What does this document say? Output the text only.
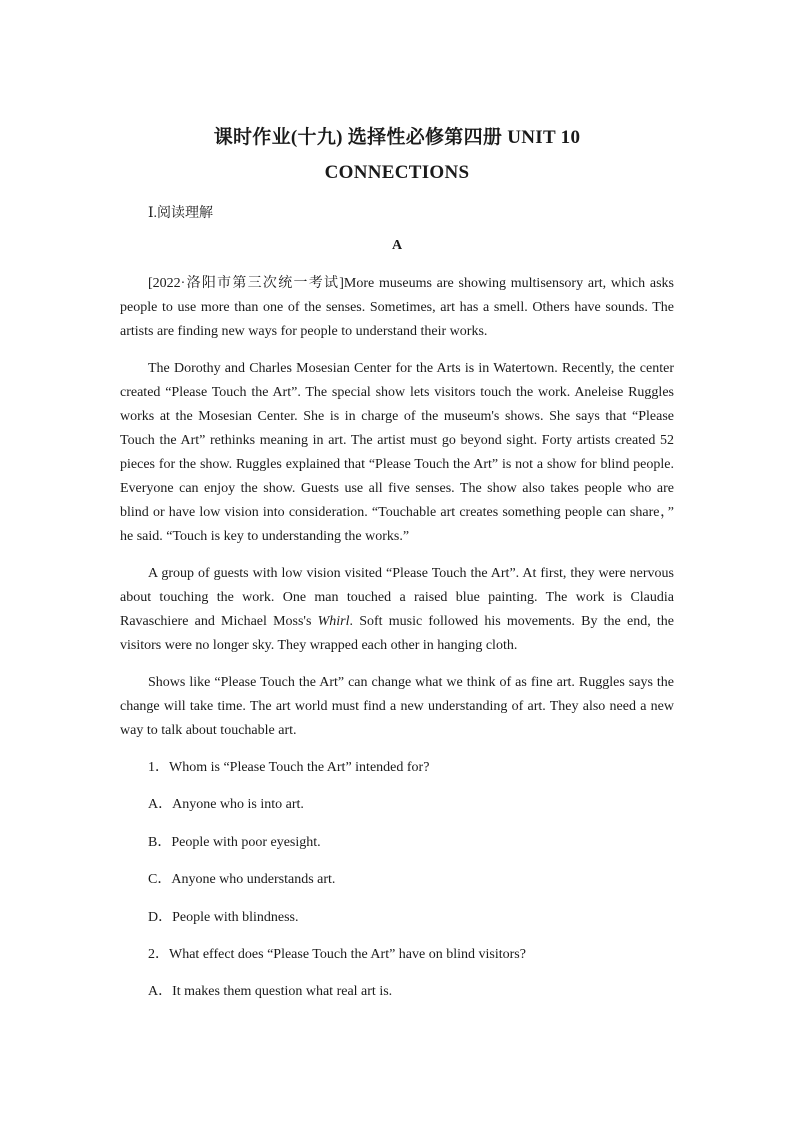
课时作业(十九) 选择性必修第四册 UNIT 10
CONNECTIONS
Ⅰ.阅读理解
A

[2022·洛阳市第三次统一考试]More museums are showing multisensory art, which asks people to use more than one of the senses. Sometimes, art has a smell. Others have sounds. The artists are finding new ways for people to understand their works.

The Dorothy and Charles Mosesian Center for the Arts is in Watertown. Recently, the center created “Please Touch the Art”. The special show lets visitors touch the work. Aneleise Ruggles works at the Mosesian Center. She is in charge of the museum's shows. She says that “Please Touch the Art” rethinks meaning in art. The artist must go beyond sight. Forty artists created 52 pieces for the show. Ruggles explained that “Please Touch the Art” is not a show for blind people. Everyone can enjoy the show. Guests use all five senses. The show also takes people who are blind or have low vision into consideration. “Touchable art creates something people can share，” he said. “Touch is key to understanding the works.”

A group of guests with low vision visited “Please Touch the Art”. At first, they were nervous about touching the work. One man touched a raised blue painting. The work is Claudia Ravaschiere and Michael Moss's Whirl. Soft music followed his movements. By the end, the visitors were no longer sky. They wrapped each other in hanging cloth.

Shows like “Please Touch the Art” can change what we think of as fine art. Ruggles says the change will take time. The art world must find a new understanding of art. They also need a new way to talk about touchable art.

1．Whom is “Please Touch the Art” intended for?

A．Anyone who is into art.

B．People with poor eyesight.

C．Anyone who understands art.

D．People with blindness.

2．What effect does “Please Touch the Art” have on blind visitors?

A．It makes them question what real art is.
